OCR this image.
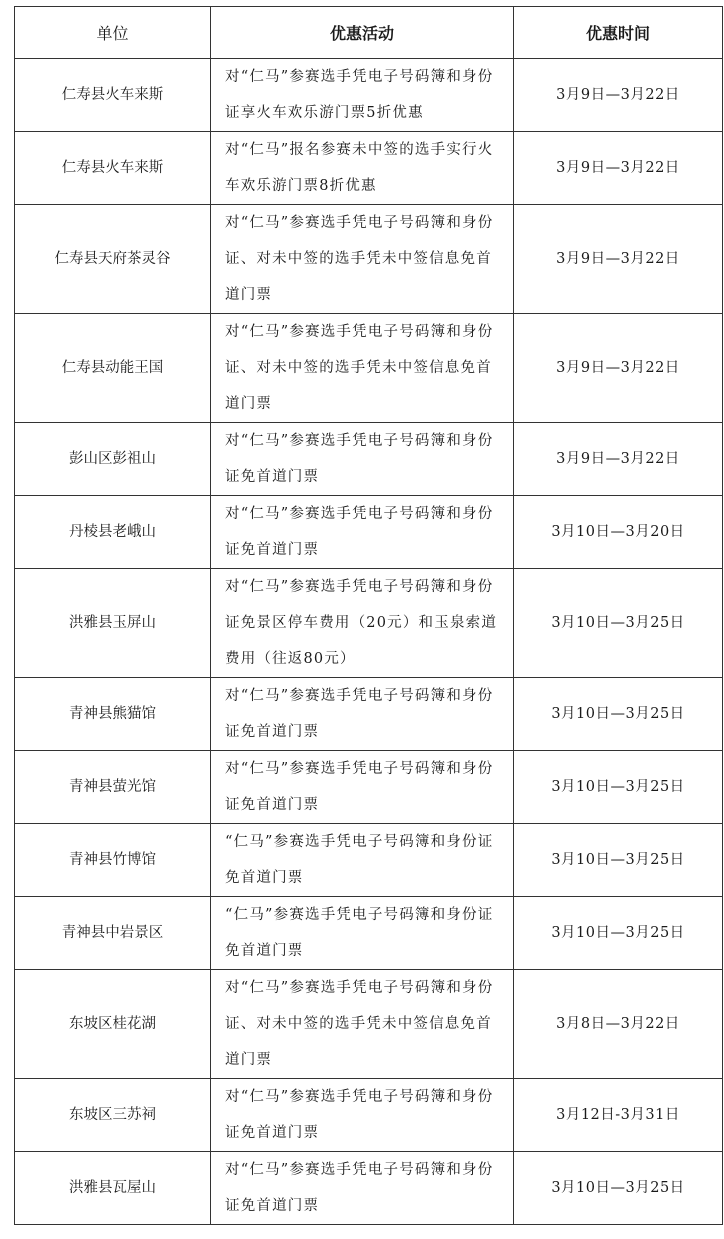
单位	优惠活动	优惠时间
仁寿县火车来斯	对“仁马”参赛选手凭电子号码簿和身份证享火车欢乐游门票5折优惠	3月9日—3月22日
仁寿县火车来斯	对“仁马”报名参赛未中签的选手实行火车欢乐游门票8折优惠	3月9日—3月22日
仁寿县天府茶灵谷	对“仁马”参赛选手凭电子号码簿和身份证、对未中签的选手凭未中签信息免首道门票	3月9日—3月22日
仁寿县动能王国	对“仁马”参赛选手凭电子号码簿和身份证、对未中签的选手凭未中签信息免首道门票	3月9日—3月22日
彭山区彭祖山	对“仁马”参赛选手凭电子号码簿和身份证免首道门票	3月9日—3月22日
丹棱县老峨山	对“仁马”参赛选手凭电子号码簿和身份证免首道门票	3月10日—3月20日
洪雅县玉屏山	对“仁马”参赛选手凭电子号码簿和身份证免景区停车费用（20元）和玉泉索道费用（往返80元）	3月10日—3月25日
青神县熊猫馆	对“仁马”参赛选手凭电子号码簿和身份证免首道门票	3月10日—3月25日
青神县萤光馆	对“仁马”参赛选手凭电子号码簿和身份证免首道门票	3月10日—3月25日
青神县竹博馆	“仁马”参赛选手凭电子号码簿和身份证免首道门票	3月10日—3月25日
青神县中岩景区	“仁马”参赛选手凭电子号码簿和身份证免首道门票	3月10日—3月25日
东坡区桂花湖	对“仁马”参赛选手凭电子号码簿和身份证、对未中签的选手凭未中签信息免首道门票	3月8日—3月22日
东坡区三苏祠	对“仁马”参赛选手凭电子号码簿和身份证免首道门票	3月12日-3月31日
洪雅县瓦屋山	对“仁马”参赛选手凭电子号码簿和身份证免首道门票	3月10日—3月25日
